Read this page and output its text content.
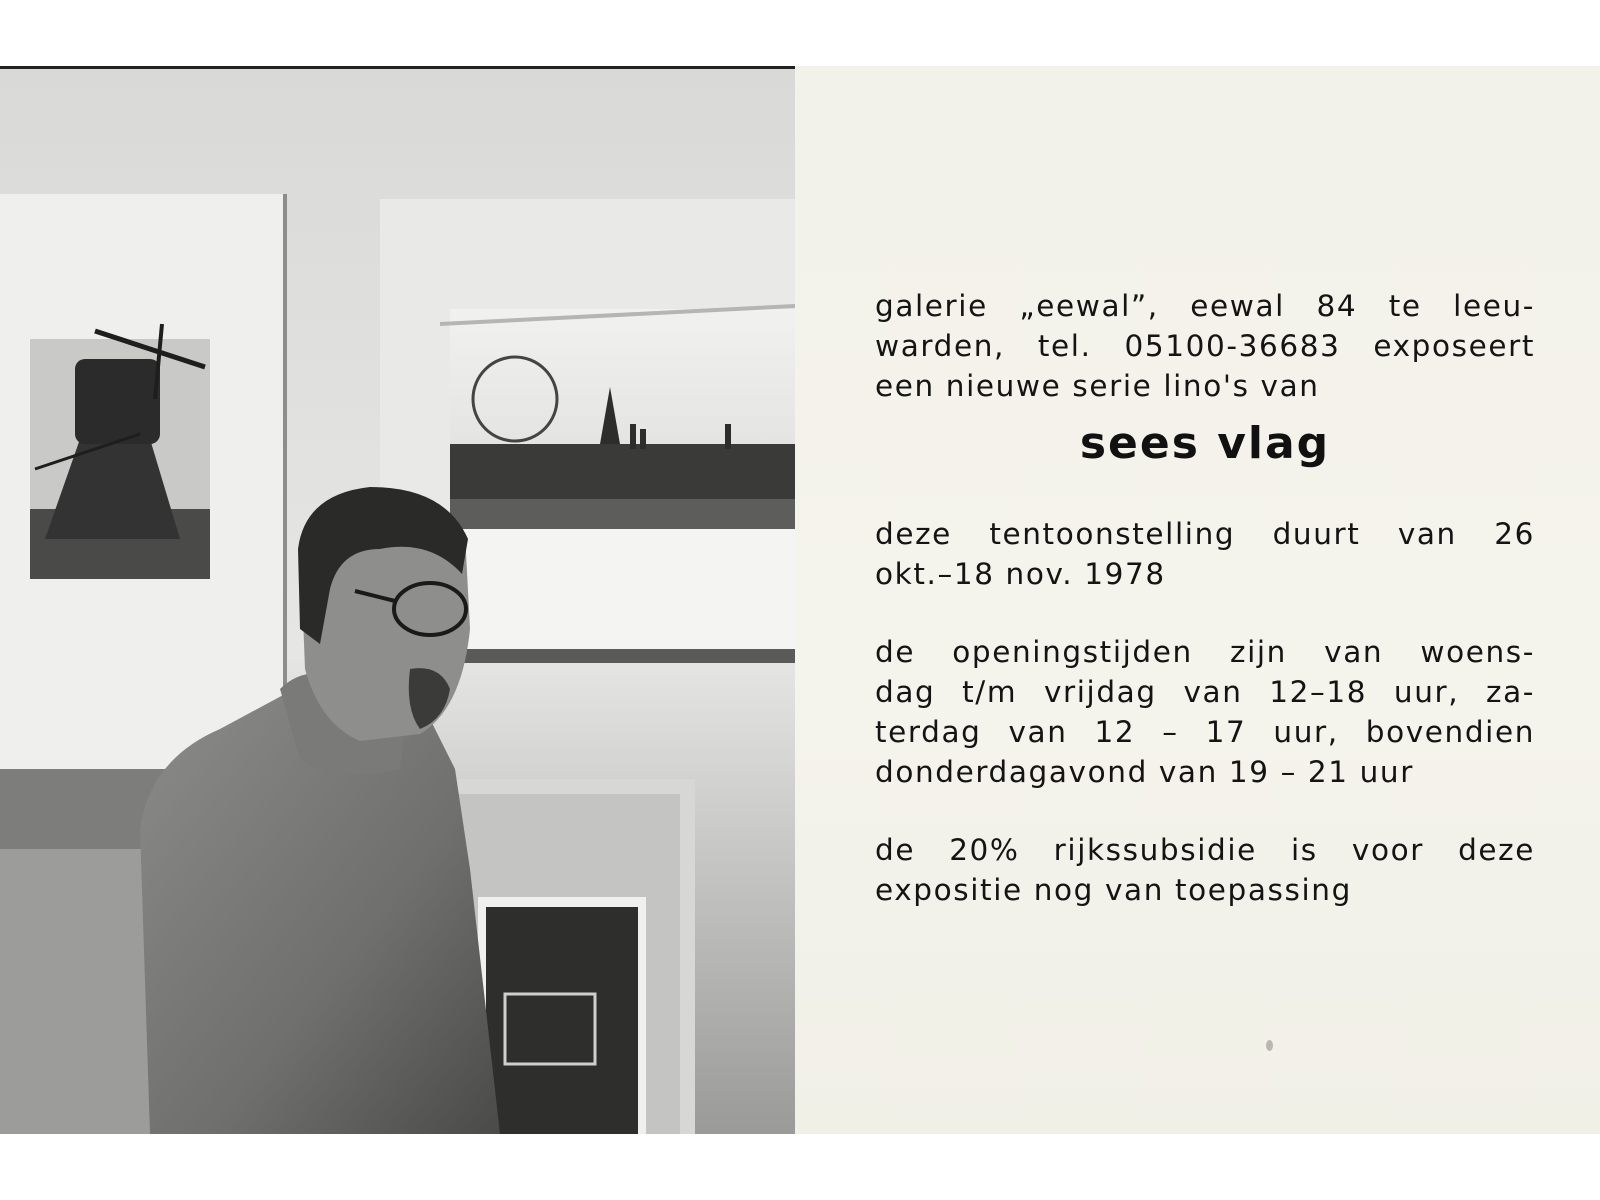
galerie „eewal”, eewal 84 te leeu-
warden, tel. 05100-36683 exposeert
een nieuwe serie lino's van
sees vlag
deze tentoonstelling duurt van 26
okt.–18 nov. 1978
de openingstijden zijn van woens-
dag t/m vrijdag van 12–18 uur, za-
terdag van 12 – 17 uur, bovendien
donderdagavond van 19 – 21 uur
de 20% rijkssubsidie is voor deze
expositie nog van toepassing
